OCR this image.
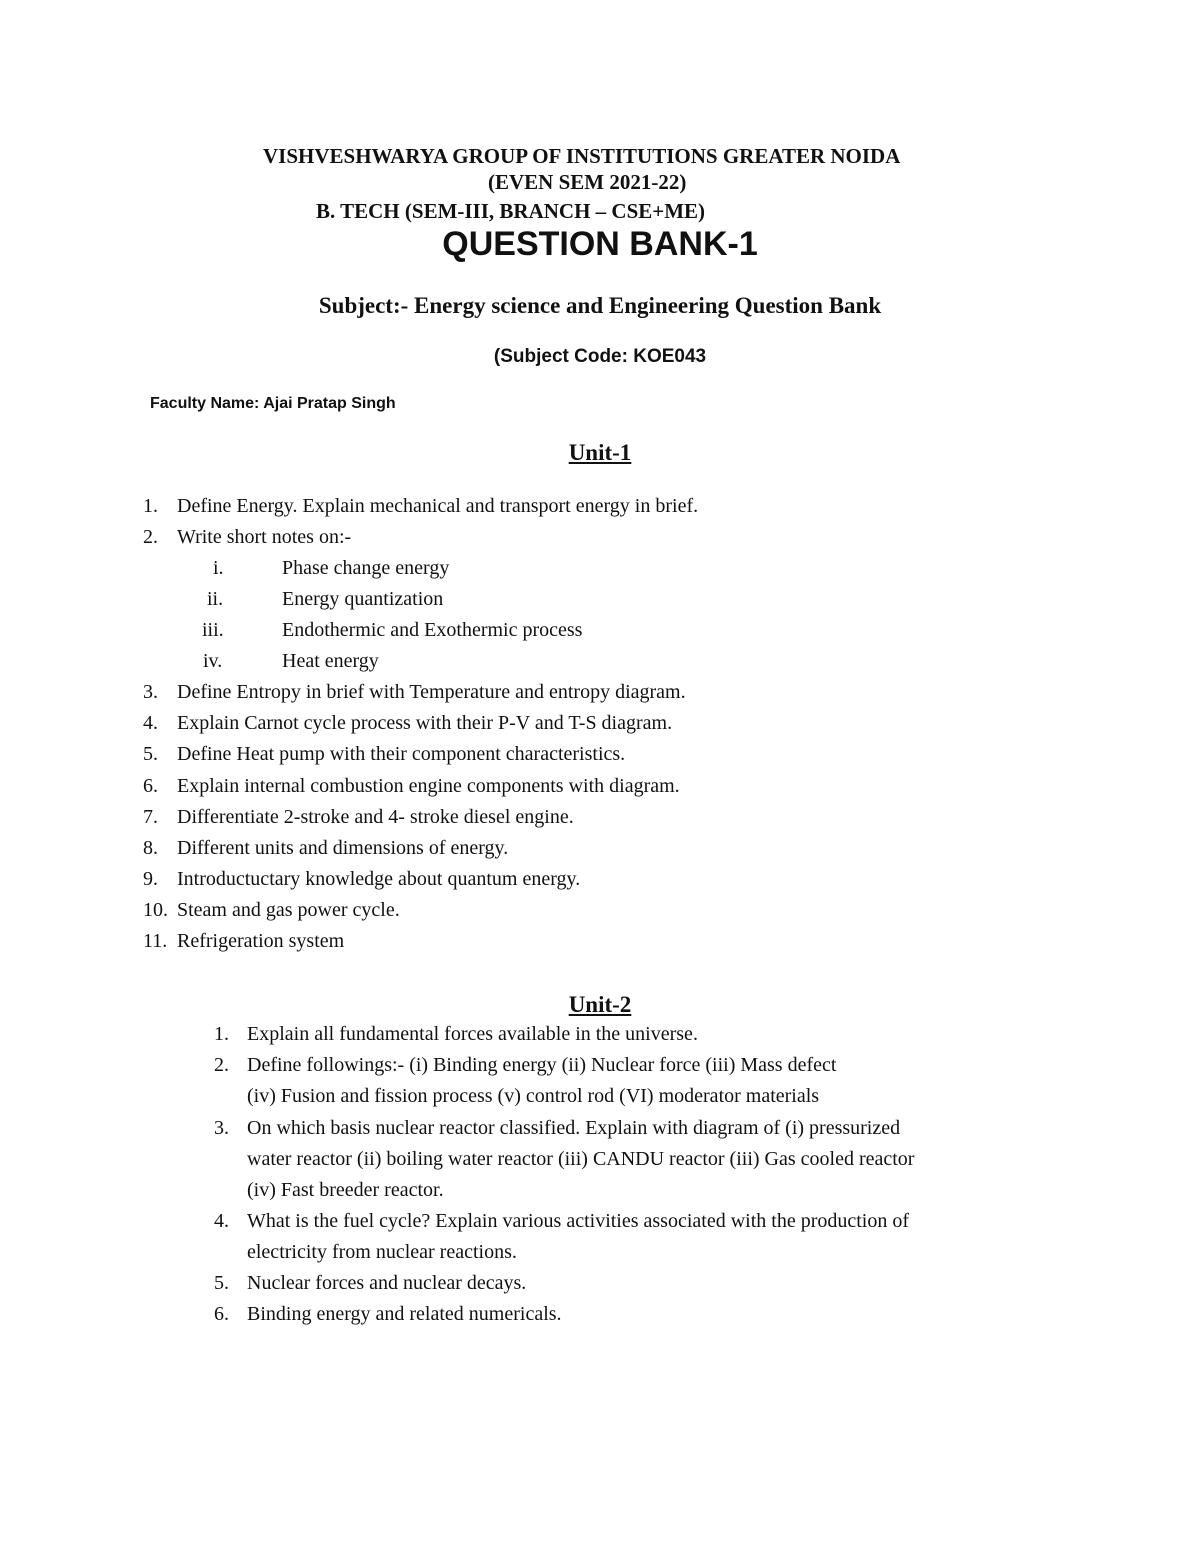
VISHVESHWARYA GROUP OF INSTITUTIONS GREATER NOIDA
(EVEN SEM 2021-22)
B. TECH (SEM-III, BRANCH – CSE+ME)
QUESTION BANK-1
Subject:- Energy science and Engineering Question Bank
(Subject Code: KOE043
Faculty Name: Ajai Pratap Singh
Unit-1
1. Define Energy. Explain mechanical and transport energy in brief.
2. Write short notes on:-
i.	Phase change energy
ii.	Energy quantization
iii.	Endothermic and Exothermic process
iv.	Heat energy
3. Define Entropy in brief with Temperature and entropy diagram.
4. Explain Carnot cycle process with their P-V and T-S diagram.
5. Define Heat pump with their component characteristics.
6. Explain internal combustion engine components with diagram.
7. Differentiate 2-stroke and 4- stroke diesel engine.
8. Different units and dimensions of energy.
9. Introductuctary knowledge about quantum energy.
10. Steam and gas power cycle.
11. Refrigeration system
Unit-2
1. Explain all fundamental forces available in the universe.
2. Define followings:- (i) Binding energy (ii) Nuclear force (iii) Mass defect
(iv) Fusion and fission process (v) control rod (VI) moderator materials
3. On which basis nuclear reactor classified. Explain with diagram of (i) pressurized
water reactor (ii) boiling water reactor (iii) CANDU reactor (iii) Gas cooled reactor
(iv) Fast breeder reactor.
4. What is the fuel cycle? Explain various activities associated with the production of
electricity from nuclear reactions.
5. Nuclear forces and nuclear decays.
6. Binding energy and related numericals.
